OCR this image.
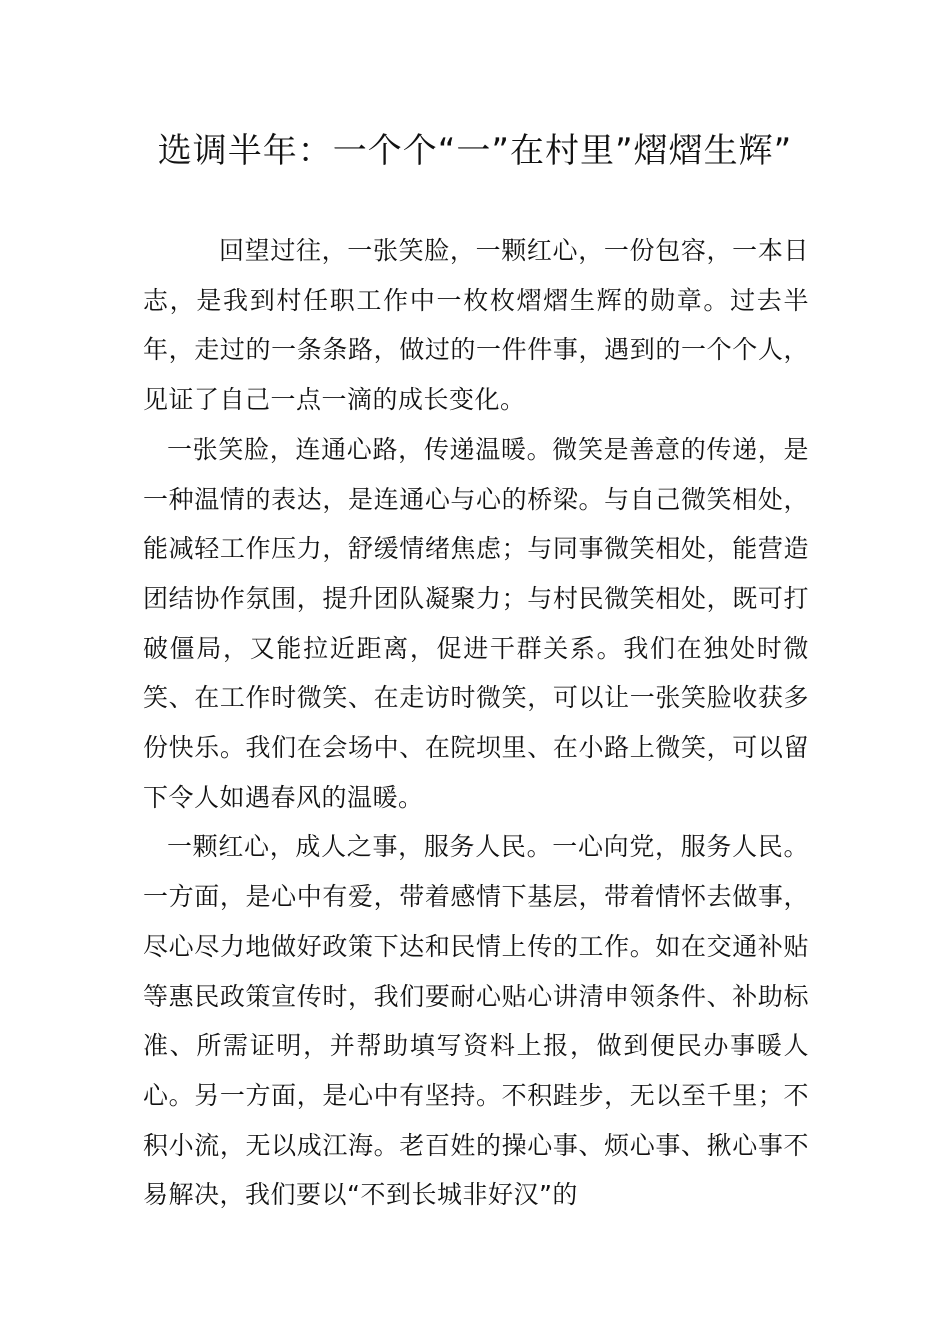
选调半年：一个个“一”在村里”熠熠生辉”

回望过往，一张笑脸，一颗红心，一份包容，一本日志，是我到村任职工作中一枚枚熠熠生辉的勋章。过去半年，走过的一条条路，做过的一件件事，遇到的一个个人，见证了自己一点一滴的成长变化。

一张笑脸，连通心路，传递温暖。微笑是善意的传递，是一种温情的表达，是连通心与心的桥梁。与自己微笑相处，能减轻工作压力，舒缓情绪焦虑；与同事微笑相处，能营造团结协作氛围，提升团队凝聚力；与村民微笑相处，既可打破僵局，又能拉近距离，促进干群关系。我们在独处时微笑、在工作时微笑、在走访时微笑，可以让一张笑脸收获多份快乐。我们在会场中、在院坝里、在小路上微笑，可以留下令人如遇春风的温暖。

一颗红心，成人之事，服务人民。一心向党，服务人民。一方面，是心中有爱，带着感情下基层，带着情怀去做事，尽心尽力地做好政策下达和民情上传的工作。如在交通补贴等惠民政策宣传时，我们要耐心贴心讲清申领条件、补助标准、所需证明，并帮助填写资料上报，做到便民办事暖人心。另一方面，是心中有坚持。不积跬步，无以至千里；不积小流，无以成江海。老百姓的操心事、烦心事、揪心事不易解决，我们要以“不到长城非好汉”的
